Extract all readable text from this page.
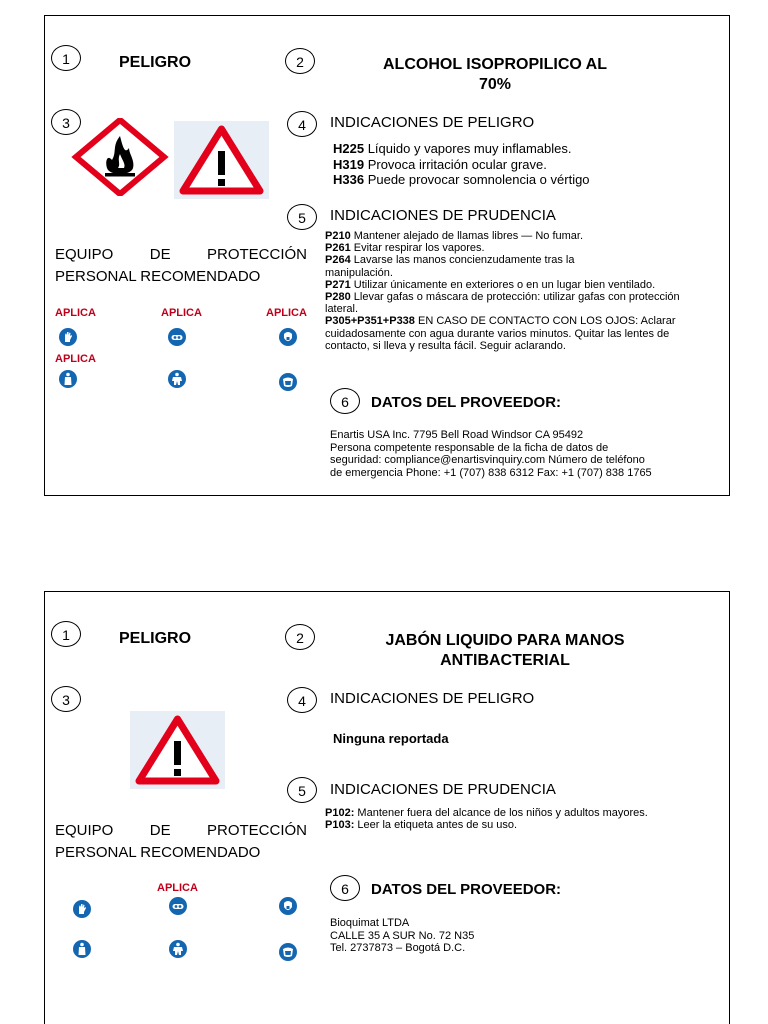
1	PELIGRO	2	ALCOHOL ISOPROPILICO AL
70%
3	4	INDICACIONES DE PELIGRO
H225 Líquido y vapores muy inflamables.
H319 Provoca irritación ocular grave.
H336 Puede provocar somnolencia o vértigo
5	INDICACIONES DE PRUDENCIA
P210 Mantener alejado de llamas libres — No fumar.
P261 Evitar respirar los vapores.
P264 Lavarse las manos concienzudamente tras la manipulación.
P271 Utilizar únicamente en exteriores o en un lugar bien ventilado.
P280 Llevar gafas o máscara de protección: utilizar gafas con protección lateral.
P305+P351+P338 EN CASO DE CONTACTO CON LOS OJOS: Aclarar cuidadosamente con agua durante varios minutos. Quitar las lentes de contacto, si lleva y resulta fácil. Seguir aclarando.
EQUIPO DE PROTECCIÓN
PERSONAL RECOMENDADO
APLICA	APLICA	APLICA
APLICA
6	DATOS DEL PROVEEDOR:
Enartis USA Inc. 7795 Bell Road Windsor CA 95492
Persona competente responsable de la ficha de datos de
seguridad: compliance@enartisvinquiry.com Número de teléfono
de emergencia Phone: +1 (707) 838 6312 Fax: +1 (707) 838 1765
1	PELIGRO	2	JABÓN LIQUIDO PARA MANOS
ANTIBACTERIAL
3	4	INDICACIONES DE PELIGRO
Ninguna reportada
5	INDICACIONES DE PRUDENCIA
P102: Mantener fuera del alcance de los niños y adultos mayores.
P103: Leer la etiqueta antes de su uso.
EQUIPO DE PROTECCIÓN
PERSONAL RECOMENDADO
APLICA	6	DATOS DEL PROVEEDOR:
Bioquimat LTDA
CALLE 35 A SUR No. 72 N35
Tel. 2737873 – Bogotá D.C.
